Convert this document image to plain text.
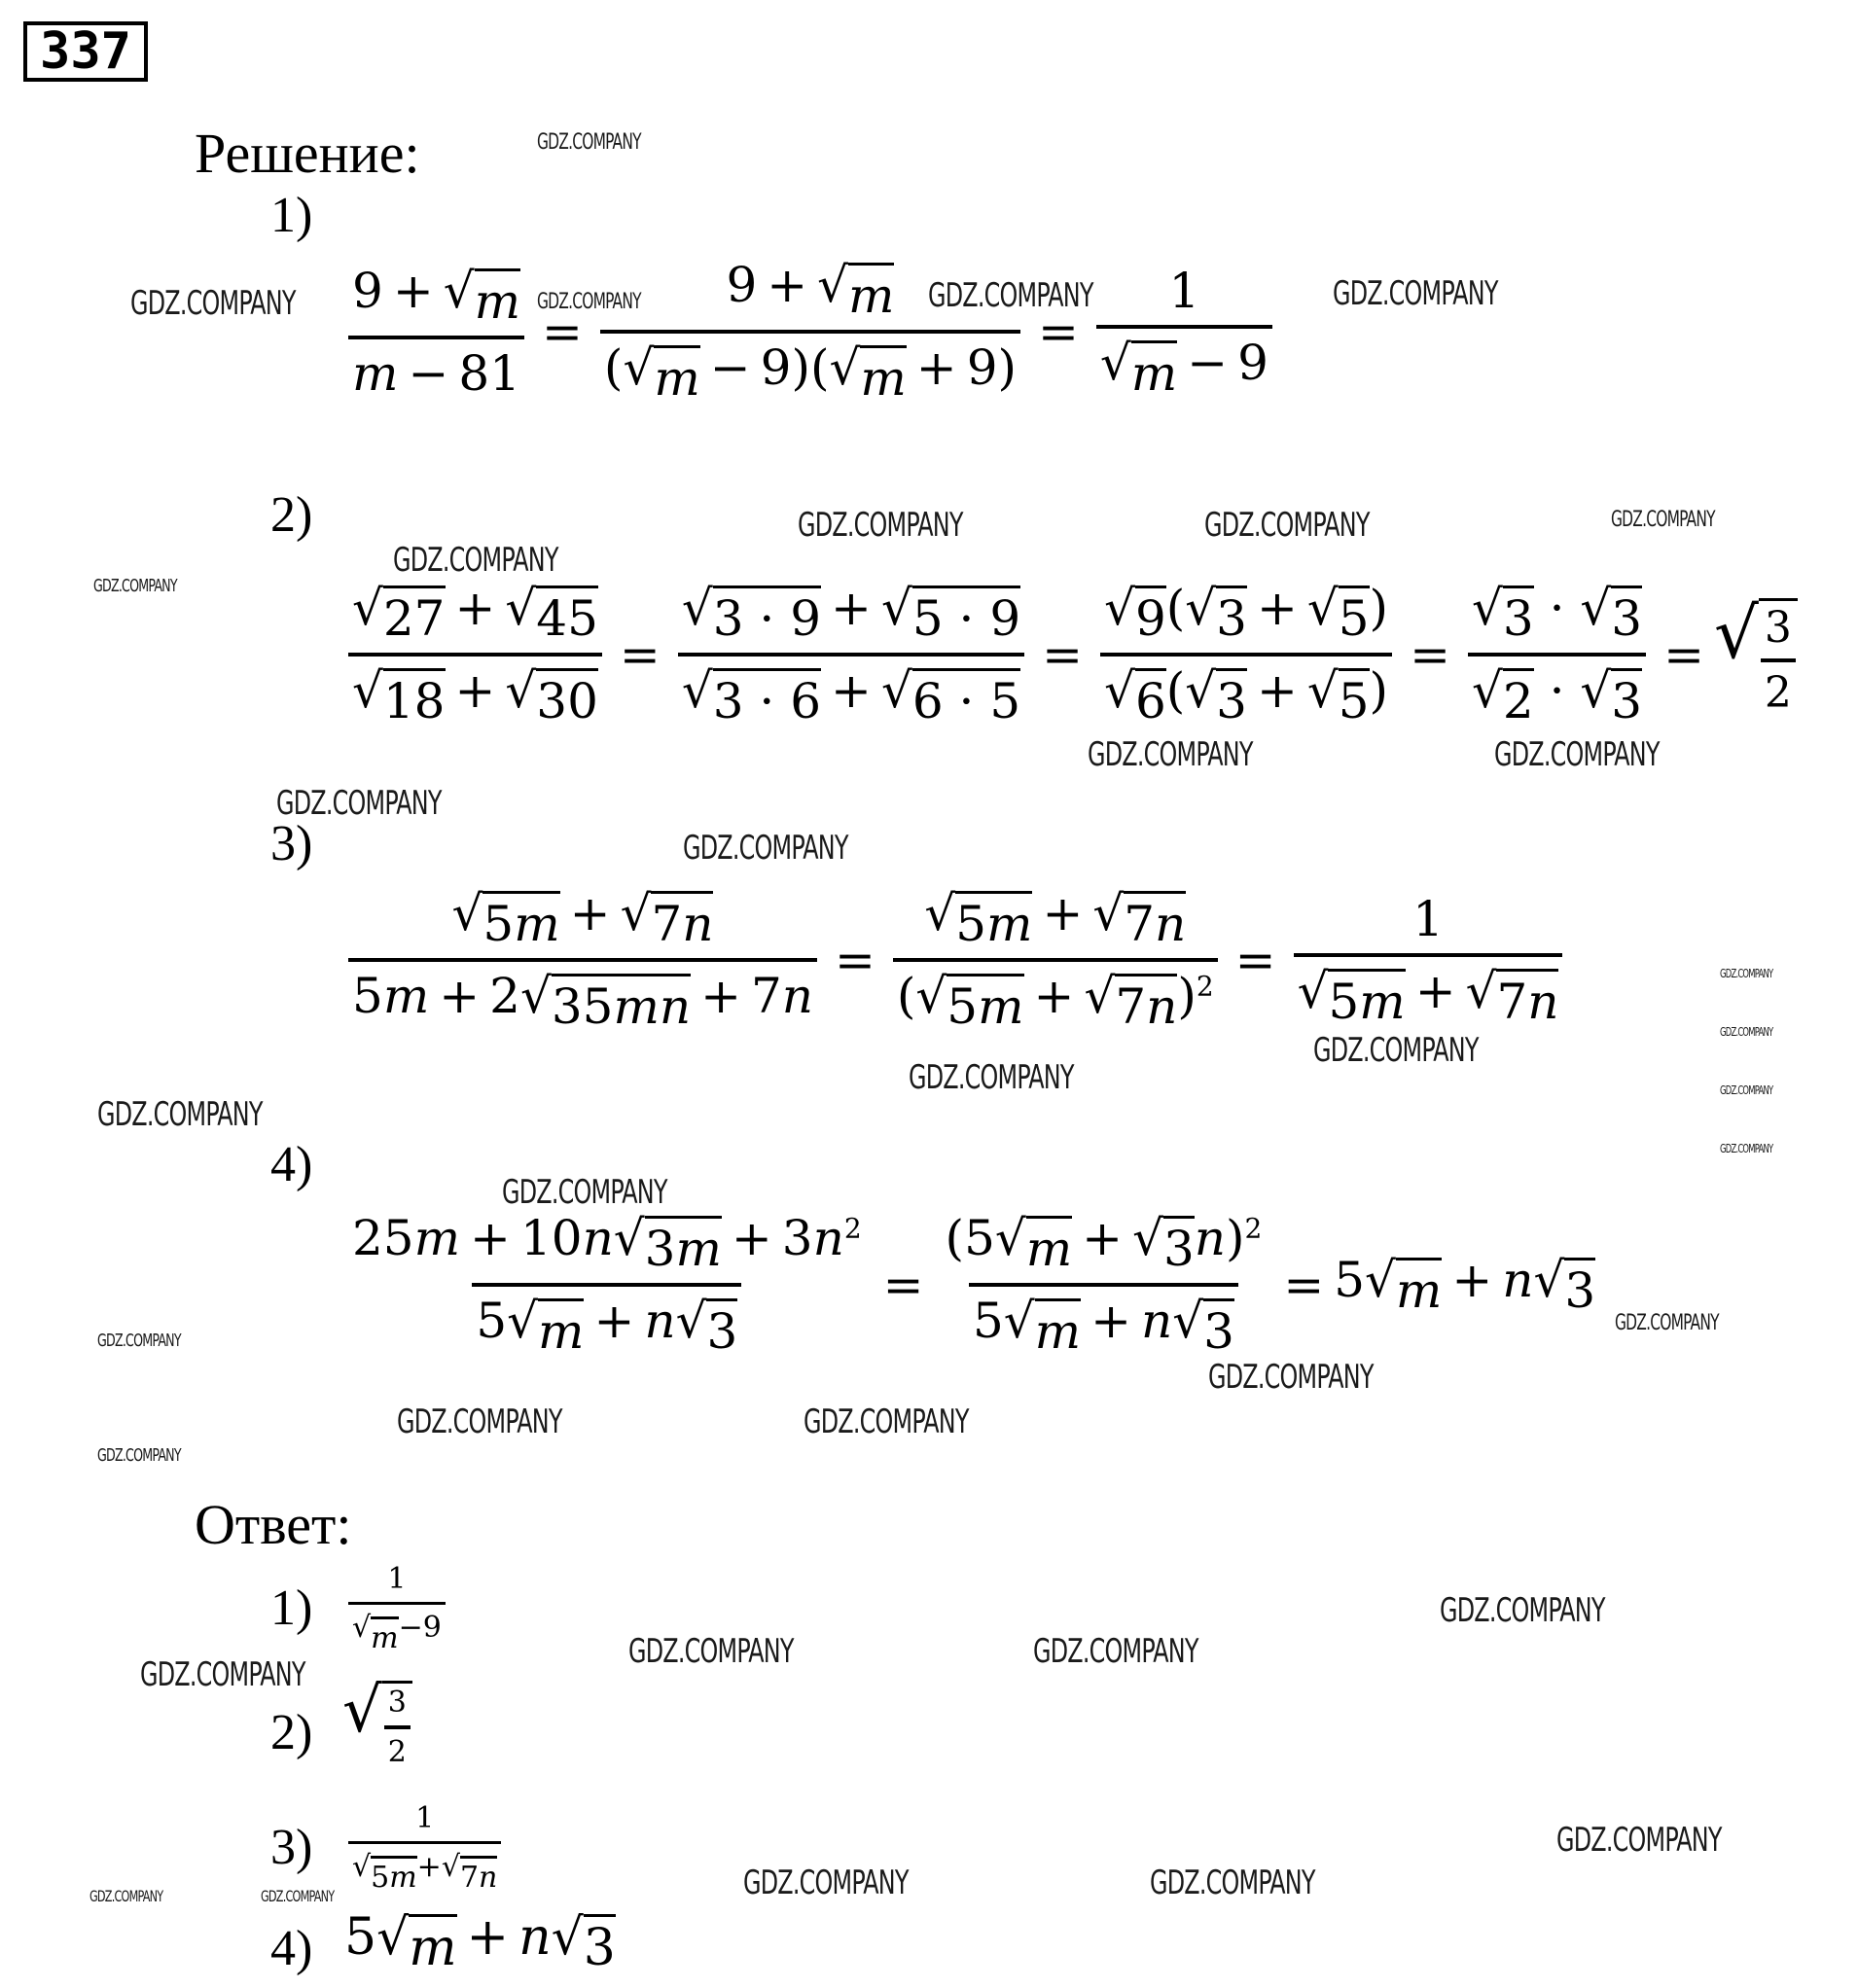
337
Решение:
Ответ:
1)
2)
3)
4)
$\frac{9 + √ m}{m - 81} = \frac{9 + √ m}{( √ m - 9)( √ m + 9)} = \frac{1}{√ m - 9}$
$\frac{√ 27 + √ 45}{√ 18 + √ 30} = \frac{√ 3 \cdot 9 + √ 5 \cdot 9}{√ 3 \cdot 6 + √ 6 \cdot 5} = \frac{√ 9 ( √ 3 + √ 5 )}{√ 6 ( √ 3 + √ 5 )} = \frac{√ 3 \cdot √ 3}{√ 2 \cdot √ 3}$ = √ $\frac{3}{2}$
$\frac{√ 5m + √ 7n}{5m + 2 √ 35mn + 7n} = \frac{√ 5m + √ 7n}{( √ 5m + √ 7n )^2} = \frac{1}{√ 5m + √ 7n}$
$\frac{25m + 10n √ 3m + 3n^2}{5 √ m + n √ 3} = \frac{(5 √ m + √ 3 n)^2}{5 √ m + n √ 3} = 5$ √ m + n √ 3
$1) \frac{1}{√ m -9}$
2) √ $\frac{3}{2}$
$3) \frac{1}{√ 5m + √ 7n}$
4) 5 √ m + n √ 3
GDZ.COMPANY
GDZ.COMPANY	GDZ.COMPANY	GDZ.COMPANY	GDZ.COMPANY
GDZ.COMPANY	GDZ.COMPANY	GDZ.COMPANY
GDZ.COMPANY
GDZ.COMPANY
GDZ.COMPANY	GDZ.COMPANY
GDZ.COMPANY
GDZ.COMPANY
GDZ.COMPANY
GDZ.COMPANY
GDZ.COMPANY
GDZ.COMPANY
GDZ.COMPANY
GDZ.COMPANY
GDZ.COMPANY
GDZ.COMPANY
GDZ.COMPANY
GDZ.COMPANY
GDZ.COMPANY
GDZ.COMPANY	GDZ.COMPANY
GDZ.COMPANY
GDZ.COMPANY
GDZ.COMPANY	GDZ.COMPANY
GDZ.COMPANY
GDZ.COMPANY
GDZ.COMPANY	GDZ.COMPANY
GDZ.COMPANY	GDZ.COMPANY
